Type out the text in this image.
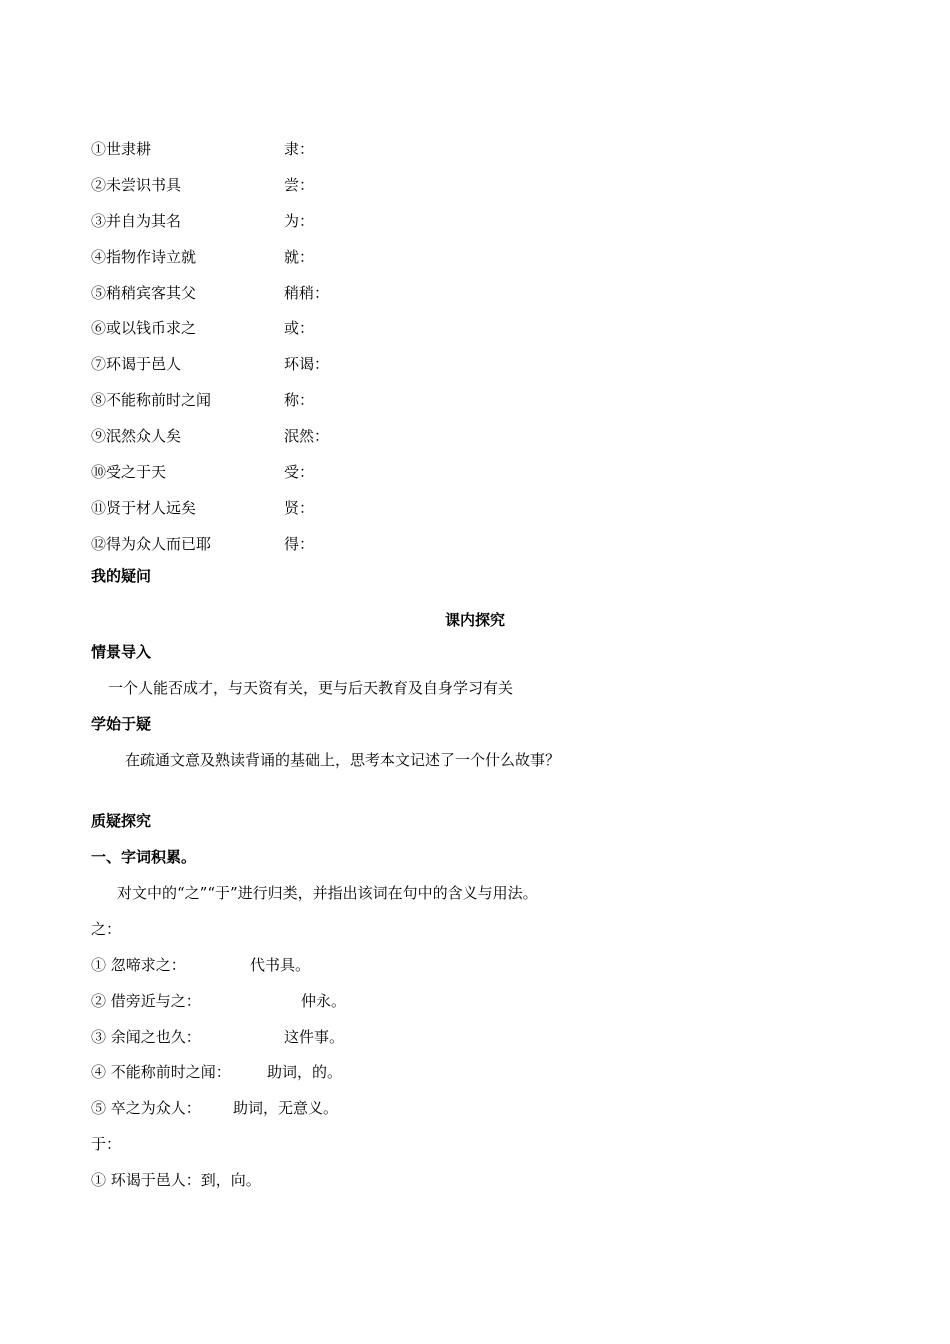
①世隶耕	隶：
②未尝识书具	尝：
③并自为其名	为：
④指物作诗立就	就：
⑤稍稍宾客其父	稍稍：
⑥或以钱币求之	或：
⑦环谒于邑人	环谒：
⑧不能称前时之闻	称：
⑨泯然众人矣	泯然：
⑩受之于天	受：
⑪贤于材人远矣	贤：
⑫得为众人而已耶	得：
我的疑问
课内探究
情景导入
一个人能否成才，与天资有关，更与后天教育及自身学习有关
学始于疑
在疏通文意及熟读背诵的基础上，思考本文记述了一个什么故事？
质疑探究
一、字词积累。
对文中的“之”“于”进行归类，并指出该词在句中的含义与用法。
之：
① 忽啼求之：	代书具。
② 借旁近与之：	仲永。
③ 余闻之也久：	这件事。
④ 不能称前时之闻： 助词，的。
⑤ 卒之为众人： 助词，无意义。
于：
① 环谒于邑人：到，向。
